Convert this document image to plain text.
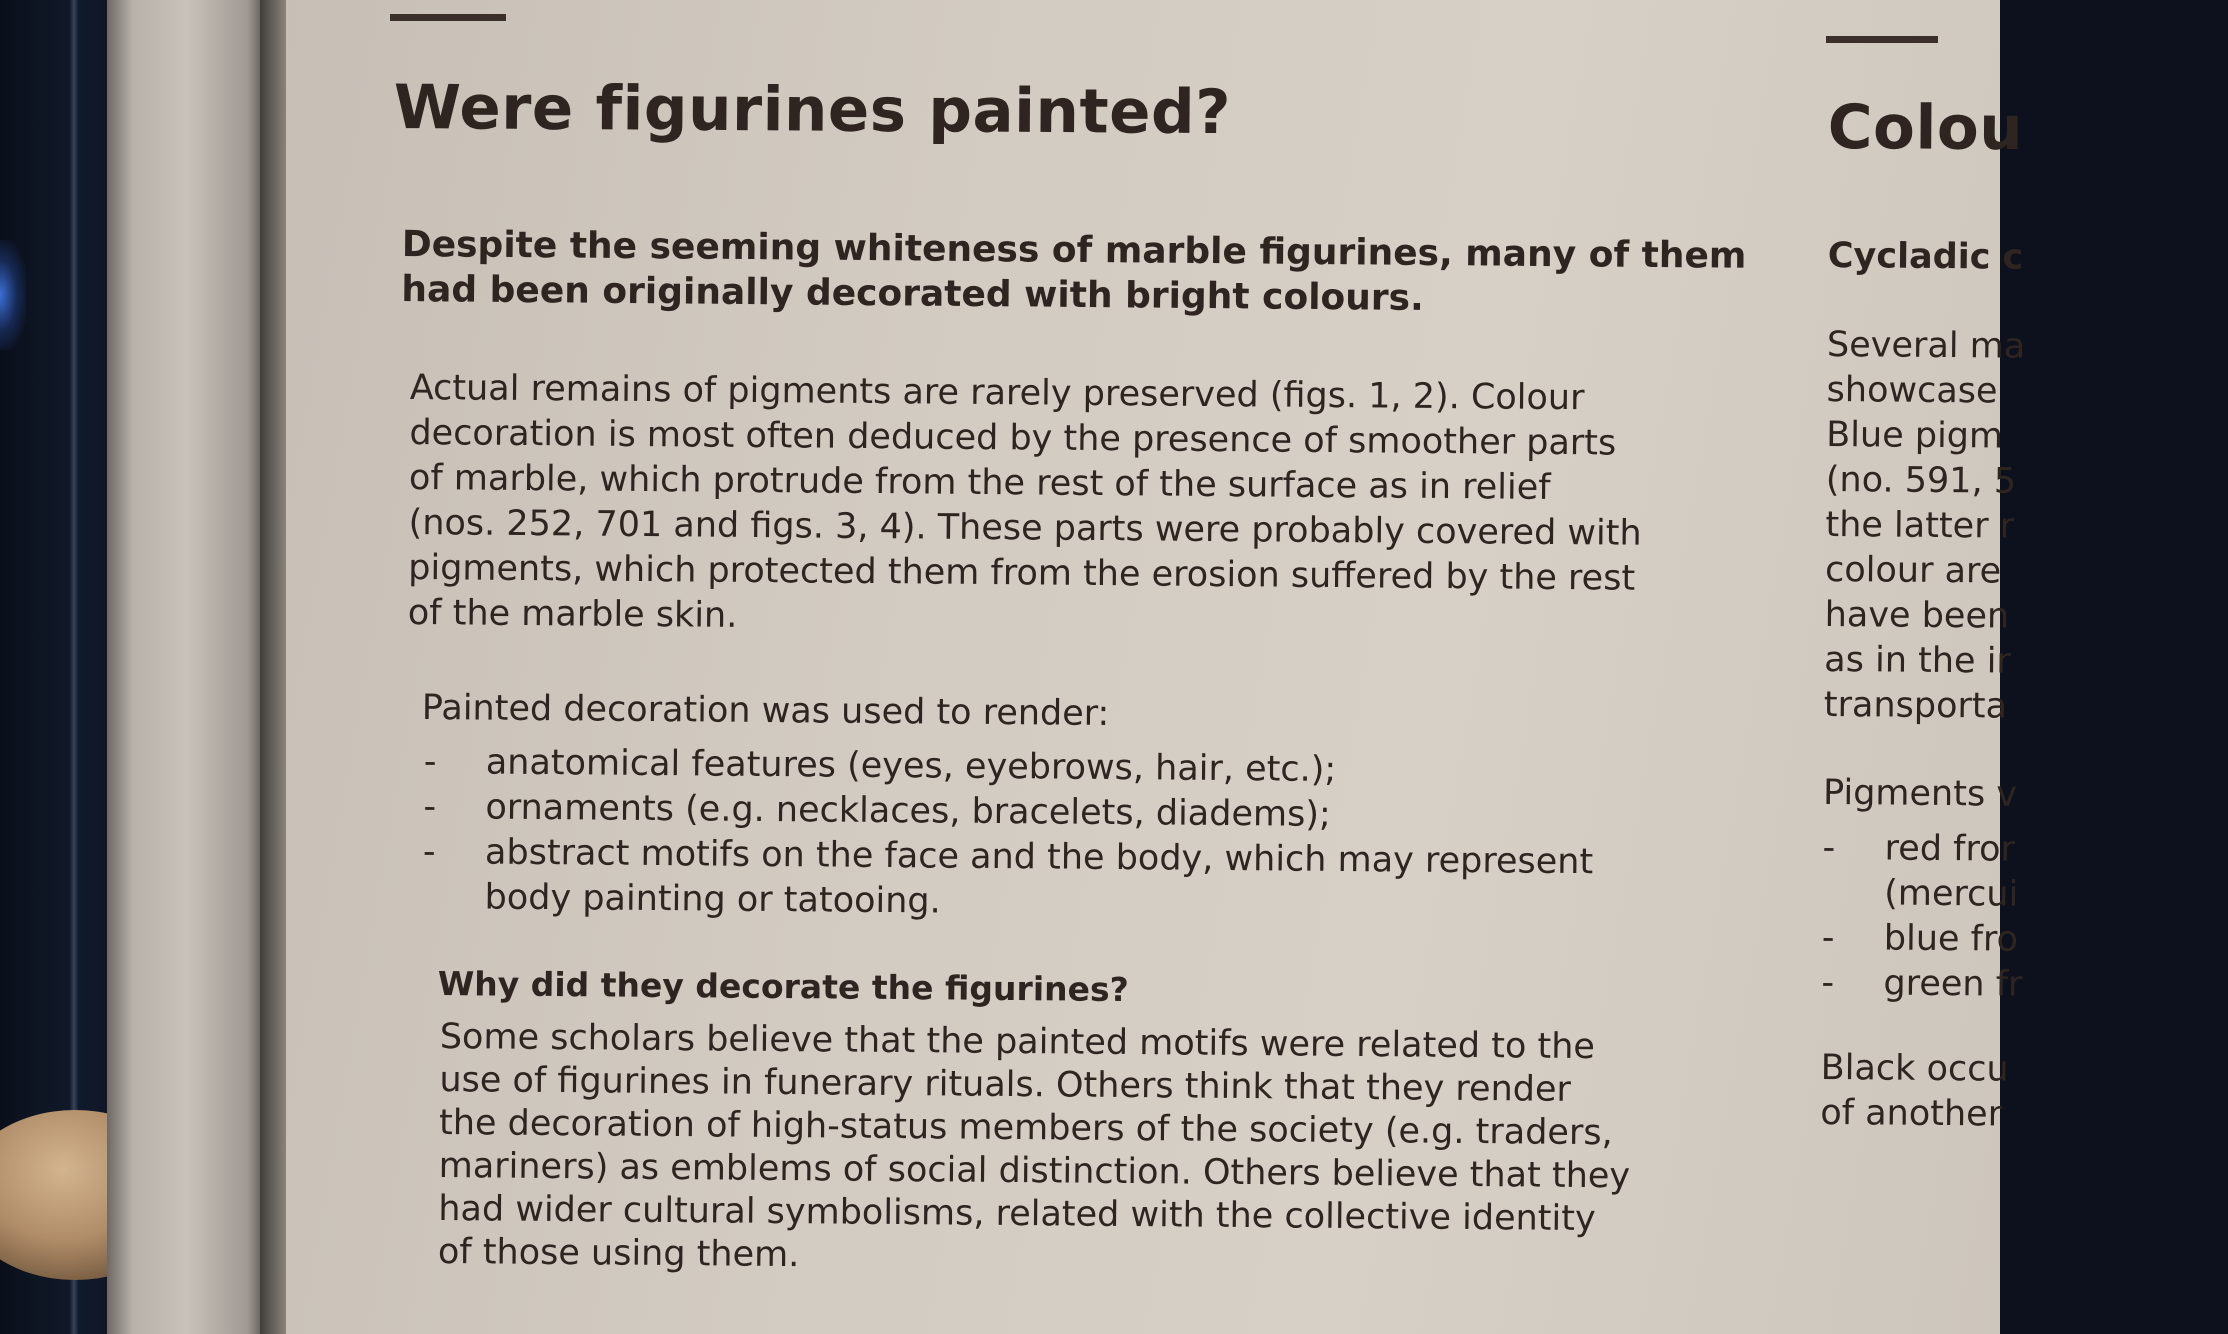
Were figurines painted?
Despite the seeming whiteness of marble figurines, many of them
had been originally decorated with bright colours.
Actual remains of pigments are rarely preserved (figs. 1, 2). Colour
decoration is most often deduced by the presence of smoother parts
of marble, which protrude from the rest of the surface as in relief
(nos. 252, 701 and figs. 3, 4). These parts were probably covered with
pigments, which protected them from the erosion suffered by the rest
of the marble skin.
Painted decoration was used to render:
-	anatomical features (eyes, eyebrows, hair, etc.);
-	ornaments (e.g. necklaces, bracelets, diadems);
-	abstract motifs on the face and the body, which may represent
body painting or tatooing.
Why did they decorate the figurines?
Some scholars believe that the painted motifs were related to the
use of figurines in funerary rituals. Others think that they render
the decoration of high-status members of the society (e.g. traders,
mariners) as emblems of social distinction. Others believe that they
had wider cultural symbolisms, related with the collective identity
of those using them.
Colou
Cycladic c
Several ma
showcase
Blue pigm
(no. 591, 5
the latter r
colour are
have been
as in the ir
transporta
Pigments v
-	red fror
(mercui
-	blue fro
-	green fr
Black occu
of another
